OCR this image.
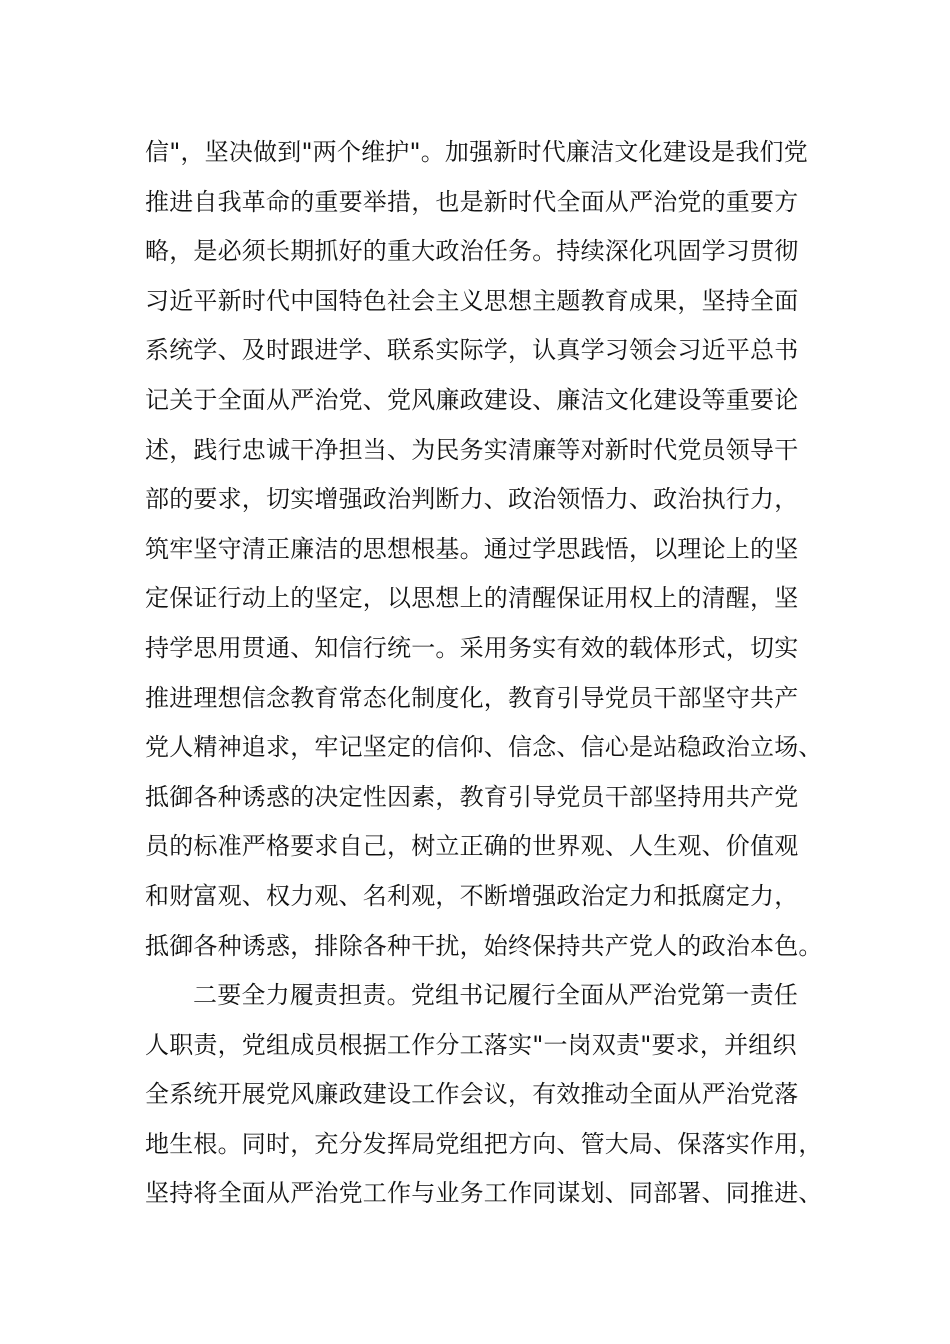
信"，坚决做到"两个维护"。加强新时代廉洁文化建设是我们党
推进自我革命的重要举措，也是新时代全面从严治党的重要方
略，是必须长期抓好的重大政治任务。持续深化巩固学习贯彻
习近平新时代中国特色社会主义思想主题教育成果，坚持全面
系统学、及时跟进学、联系实际学，认真学习领会习近平总书
记关于全面从严治党、党风廉政建设、廉洁文化建设等重要论
述，践行忠诚干净担当、为民务实清廉等对新时代党员领导干
部的要求，切实增强政治判断力、政治领悟力、政治执行力，
筑牢坚守清正廉洁的思想根基。通过学思践悟，以理论上的坚
定保证行动上的坚定，以思想上的清醒保证用权上的清醒，坚
持学思用贯通、知信行统一。采用务实有效的载体形式，切实
推进理想信念教育常态化制度化，教育引导党员干部坚守共产
党人精神追求，牢记坚定的信仰、信念、信心是站稳政治立场、
抵御各种诱惑的决定性因素，教育引导党员干部坚持用共产党
员的标准严格要求自己，树立正确的世界观、人生观、价值观
和财富观、权力观、名利观，不断增强政治定力和抵腐定力，
抵御各种诱惑，排除各种干扰，始终保持共产党人的政治本色。
二要全力履责担责。党组书记履行全面从严治党第一责任
人职责，党组成员根据工作分工落实"一岗双责"要求，并组织
全系统开展党风廉政建设工作会议，有效推动全面从严治党落
地生根。同时，充分发挥局党组把方向、管大局、保落实作用，
坚持将全面从严治党工作与业务工作同谋划、同部署、同推进、
